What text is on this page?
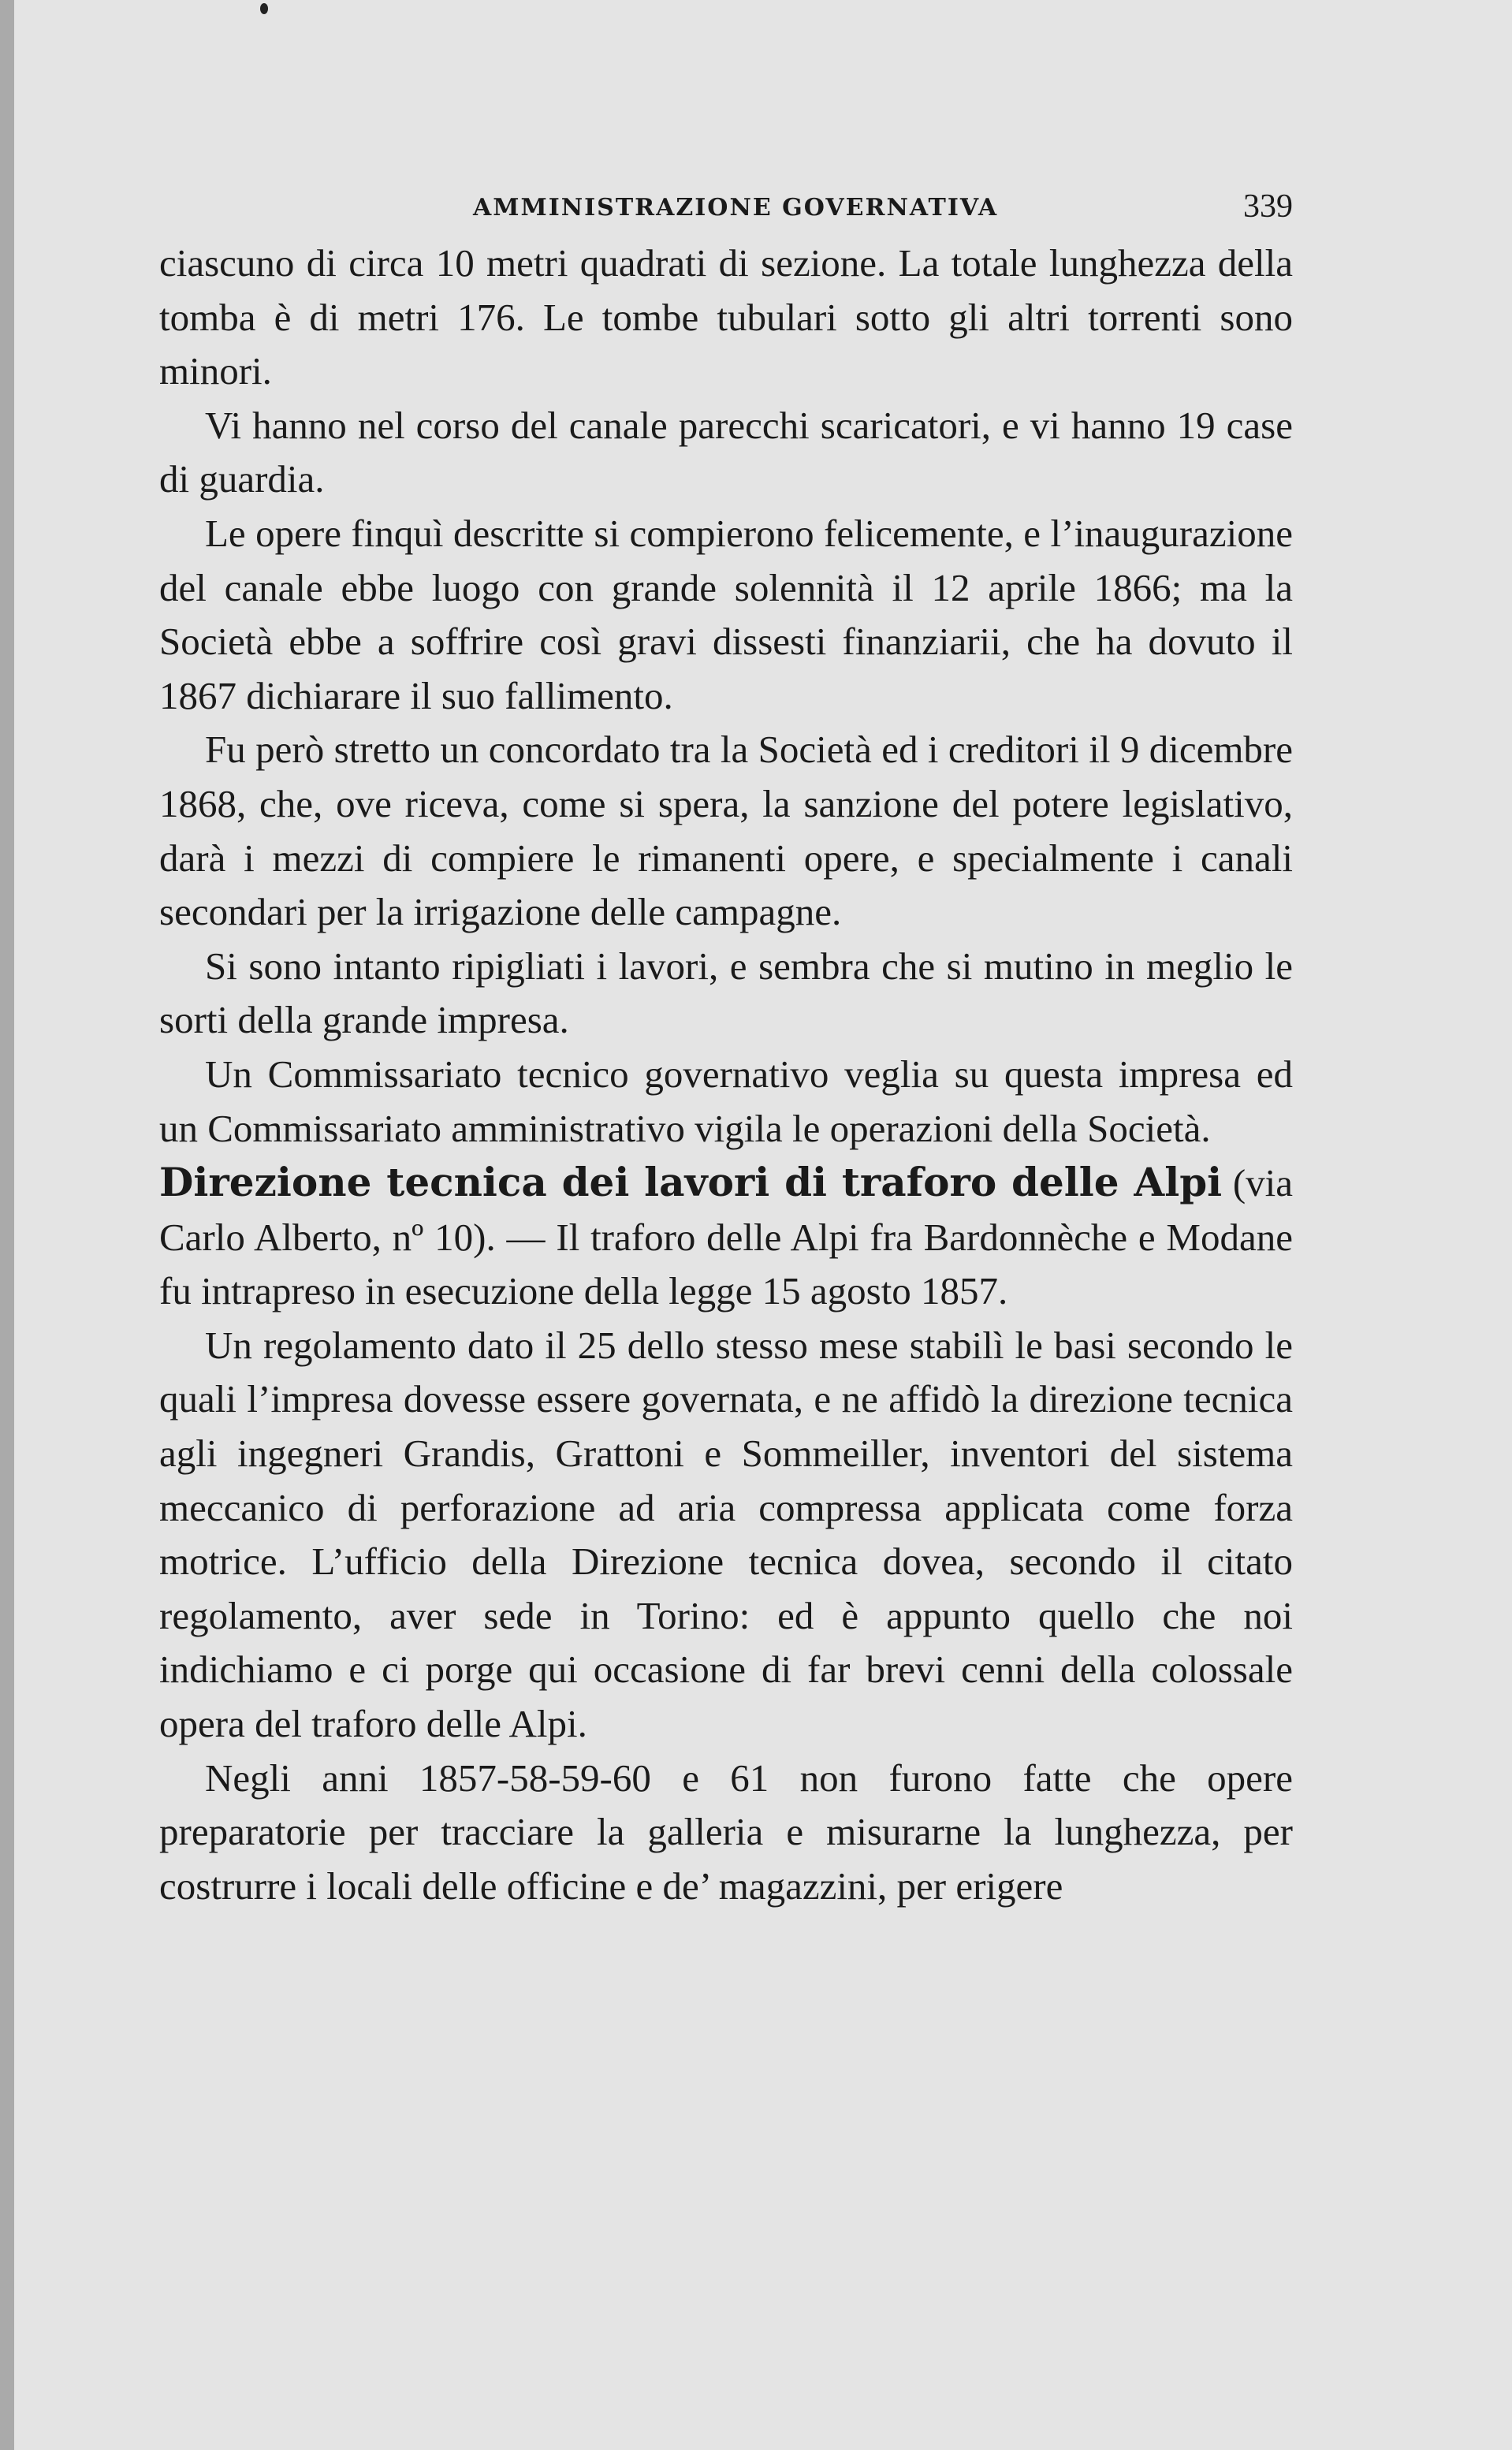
AMMINISTRAZIONE GOVERNATIVA	339

ciascuno di circa 10 metri quadrati di sezione. La totale lunghezza della tomba è di metri 176. Le tombe tubulari sotto gli altri torrenti sono minori.

Vi hanno nel corso del canale parecchi scaricatori, e vi hanno 19 case di guardia.

Le opere finquì descritte si compierono felicemente, e l’inaugurazione del canale ebbe luogo con grande solennità il 12 aprile 1866; ma la Società ebbe a soffrire così gravi dissesti finanziarii, che ha dovuto il 1867 dichiarare il suo fallimento.

Fu però stretto un concordato tra la Società ed i creditori il 9 dicembre 1868, che, ove riceva, come si spera, la sanzione del potere legislativo, darà i mezzi di compiere le rimanenti opere, e specialmente i canali secondari per la irrigazione delle campagne.

Si sono intanto ripigliati i lavori, e sembra che si mutino in meglio le sorti della grande impresa.

Un Commissariato tecnico governativo veglia su questa impresa ed un Commissariato amministrativo vigila le operazioni della Società.

Direzione tecnica dei lavori di traforo delle Alpi (via Carlo Alberto, nº 10). — Il traforo delle Alpi fra Bardonnèche e Modane fu intrapreso in esecuzione della legge 15 agosto 1857.

Un regolamento dato il 25 dello stesso mese stabilì le basi secondo le quali l’impresa dovesse essere governata, e ne affidò la direzione tecnica agli ingegneri Grandis, Grattoni e Sommeiller, inventori del sistema meccanico di perforazione ad aria compressa applicata come forza motrice. L’ufficio della Direzione tecnica dovea, secondo il citato regolamento, aver sede in Torino: ed è appunto quello che noi indichiamo e ci porge qui occasione di far brevi cenni della colossale opera del traforo delle Alpi.

Negli anni 1857-58-59-60 e 61 non furono fatte che opere preparatorie per tracciare la galleria e misurarne la lunghezza, per costrurre i locali delle officine e de’ magazzini, per erigere
